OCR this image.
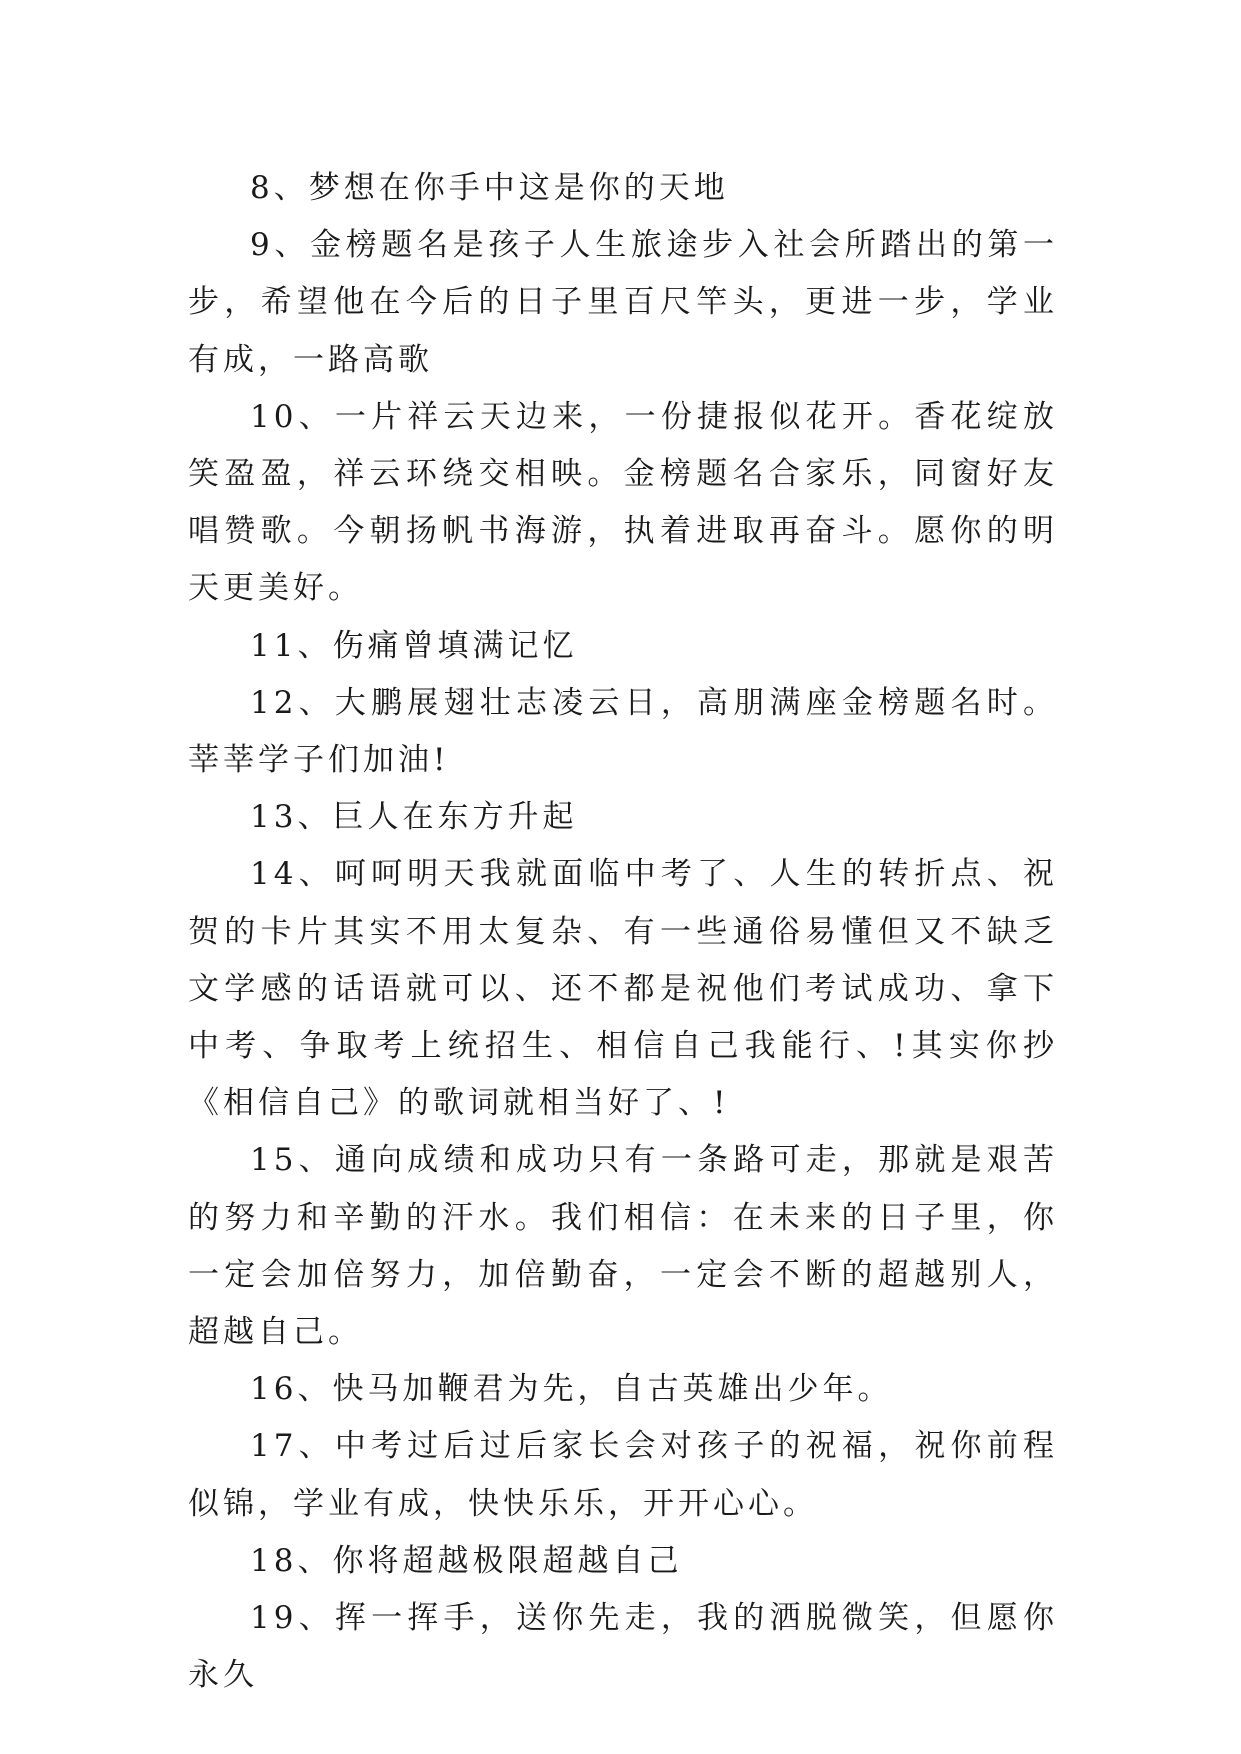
8、梦想在你手中这是你的天地

9、金榜题名是孩子人生旅途步入社会所踏出的第一步，希望他在今后的日子里百尺竿头，更进一步，学业有成，一路高歌

10、一片祥云天边来，一份捷报似花开。香花绽放笑盈盈，祥云环绕交相映。金榜题名合家乐，同窗好友唱赞歌。今朝扬帆书海游，执着进取再奋斗。愿你的明天更美好。

11、伤痛曾填满记忆

12、大鹏展翅壮志凌云日，高朋满座金榜题名时。莘莘学子们加油!

13、巨人在东方升起

14、呵呵明天我就面临中考了、人生的转折点、祝贺的卡片其实不用太复杂、有一些通俗易懂但又不缺乏文学感的话语就可以、还不都是祝他们考试成功、拿下中考、争取考上统招生、相信自己我能行、!其实你抄《相信自己》的歌词就相当好了、!

15、通向成绩和成功只有一条路可走，那就是艰苦的努力和辛勤的汗水。我们相信：在未来的日子里，你一定会加倍努力，加倍勤奋，一定会不断的超越别人，超越自己。

16、快马加鞭君为先，自古英雄出少年。

17、中考过后过后家长会对孩子的祝福，祝你前程似锦，学业有成，快快乐乐，开开心心。

18、你将超越极限超越自己

19、挥一挥手，送你先走，我的洒脱微笑，但愿你永久
